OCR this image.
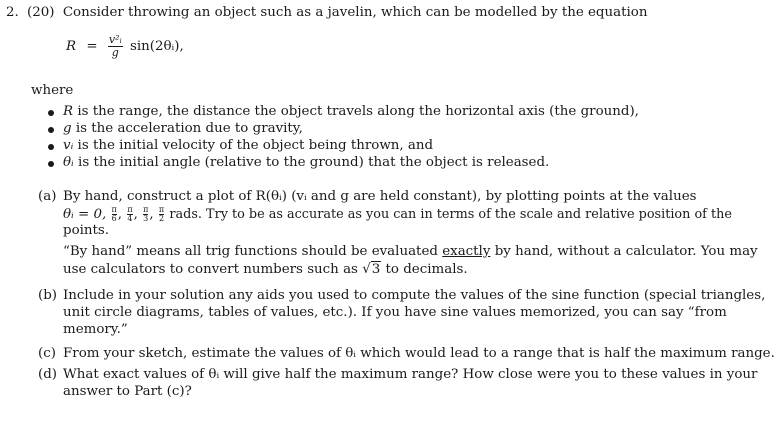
2. (20) Consider throwing an object such as a javelin, which can be modelled by the equation
$R = \frac{\text{v²ᵢ}}{g}$ sin(2θᵢ),
where
R is the range, the distance the object travels along the horizontal axis (the ground),
g is the acceleration due to gravity,
vᵢ is the initial velocity of the object being thrown, and
θᵢ is the initial angle (relative to the ground) that the object is released.
(a) By hand, construct a plot of R(θᵢ) (vᵢ and g are held constant), by plotting points at the values
θᵢ = 0, $\frac{\pi}{6}$ , $\frac{\pi}{4}$ , $\frac{\pi}{3}$ , $\frac{\pi}{2}$ rads. Try to be as accurate as you can in terms of the scale and relative position of the
points.
“By hand” means all trig functions should be evaluated exactly by hand, without a calculator. You may
use calculators to convert numbers such as √3 to decimals.
(b) Include in your solution any aids you used to compute the values of the sine function (special triangles,
unit circle diagrams, tables of values, etc.). If you have sine values memorized, you can say “from
memory.”
(c) From your sketch, estimate the values of θᵢ which would lead to a range that is half the maximum range.
(d) What exact values of θᵢ will give half the maximum range? How close were you to these values in your
answer to Part (c)?
